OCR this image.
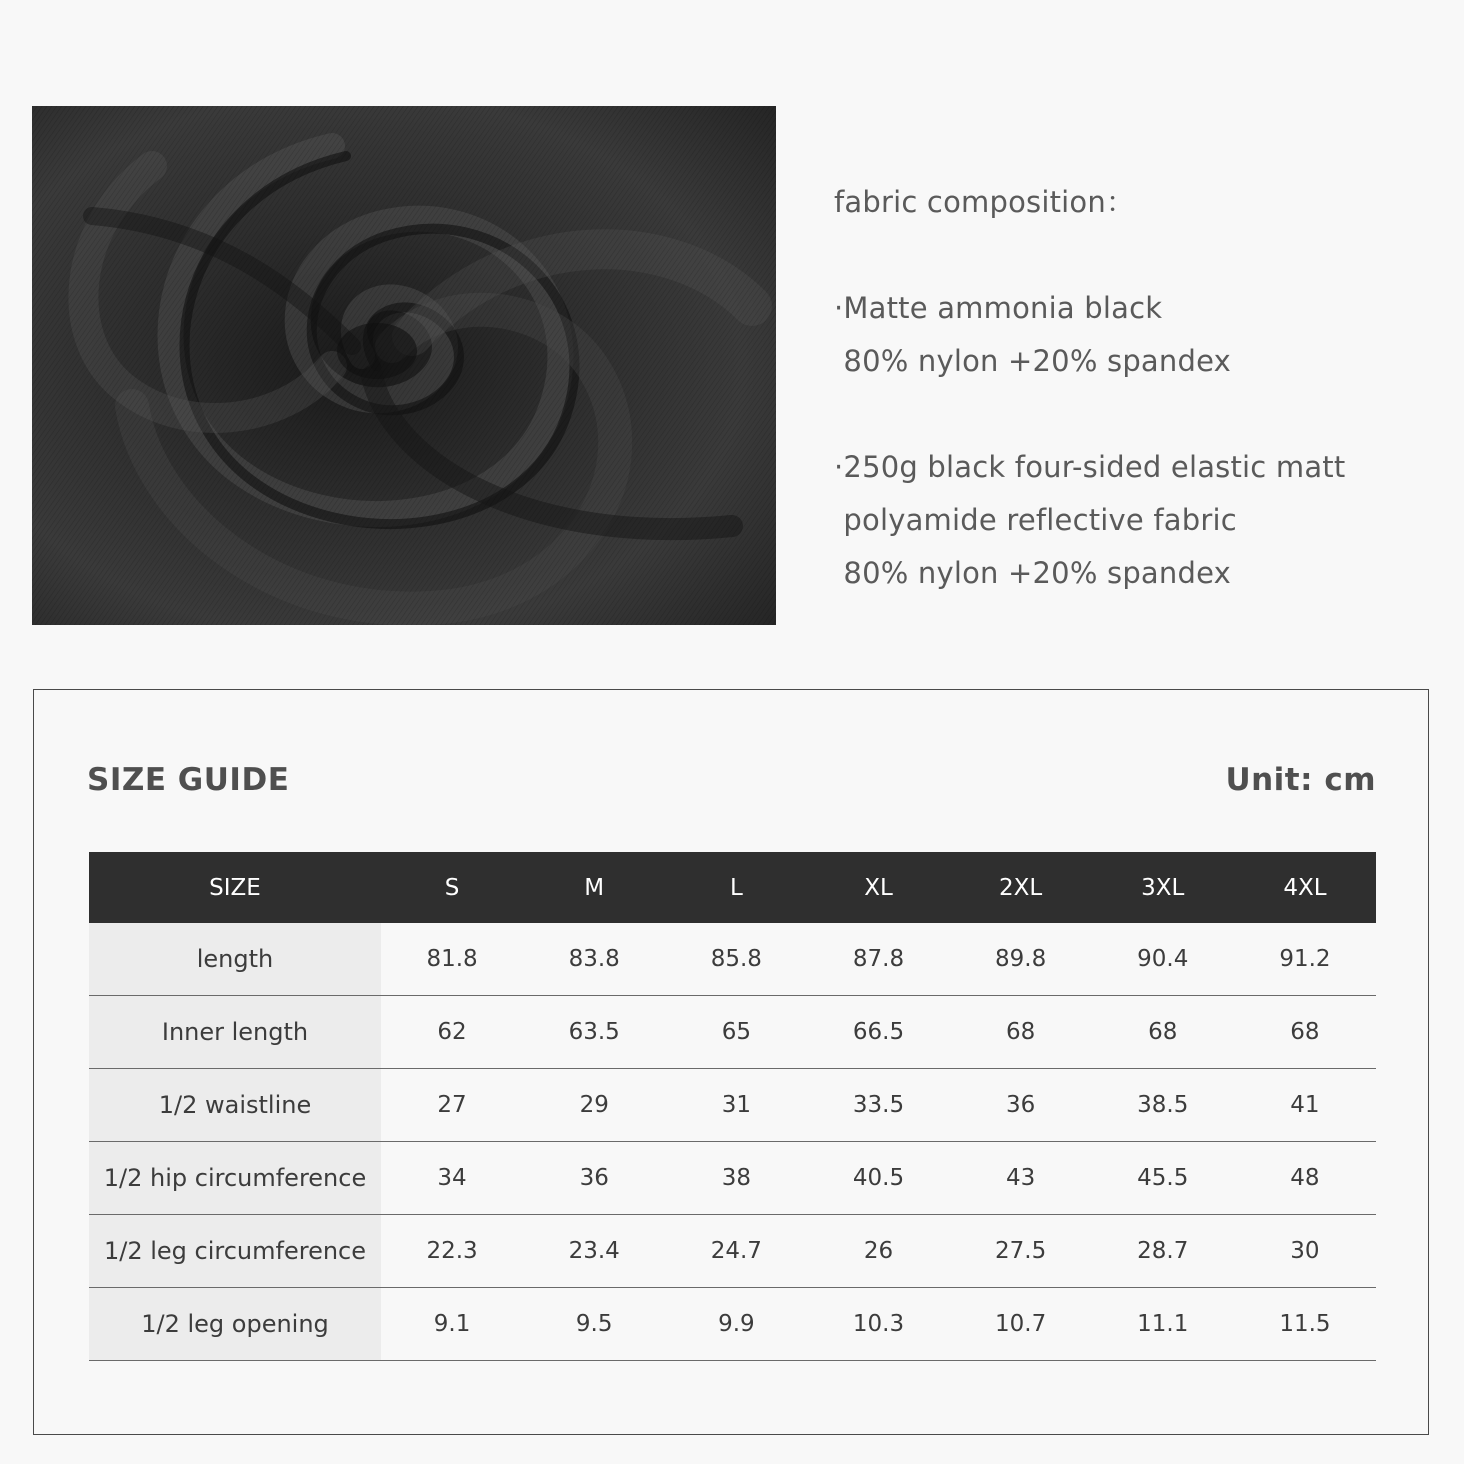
fabric composition：
·Matte ammonia black
80% nylon +20% spandex
·250g black four-sided elastic matt
polyamide reflective fabric
80% nylon +20% spandex
SIZE GUIDE	Unit: cm
SIZE	S	M	L	XL	2XL	3XL	4XL
length	81.8	83.8	85.8	87.8	89.8	90.4	91.2
Inner length	62	63.5	65	66.5	68	68	68
1/2 waistline	27	29	31	33.5	36	38.5	41
1/2 hip circumference	34	36	38	40.5	43	45.5	48
1/2 leg circumference	22.3	23.4	24.7	26	27.5	28.7	30
1/2 leg opening	9.1	9.5	9.9	10.3	10.7	11.1	11.5
